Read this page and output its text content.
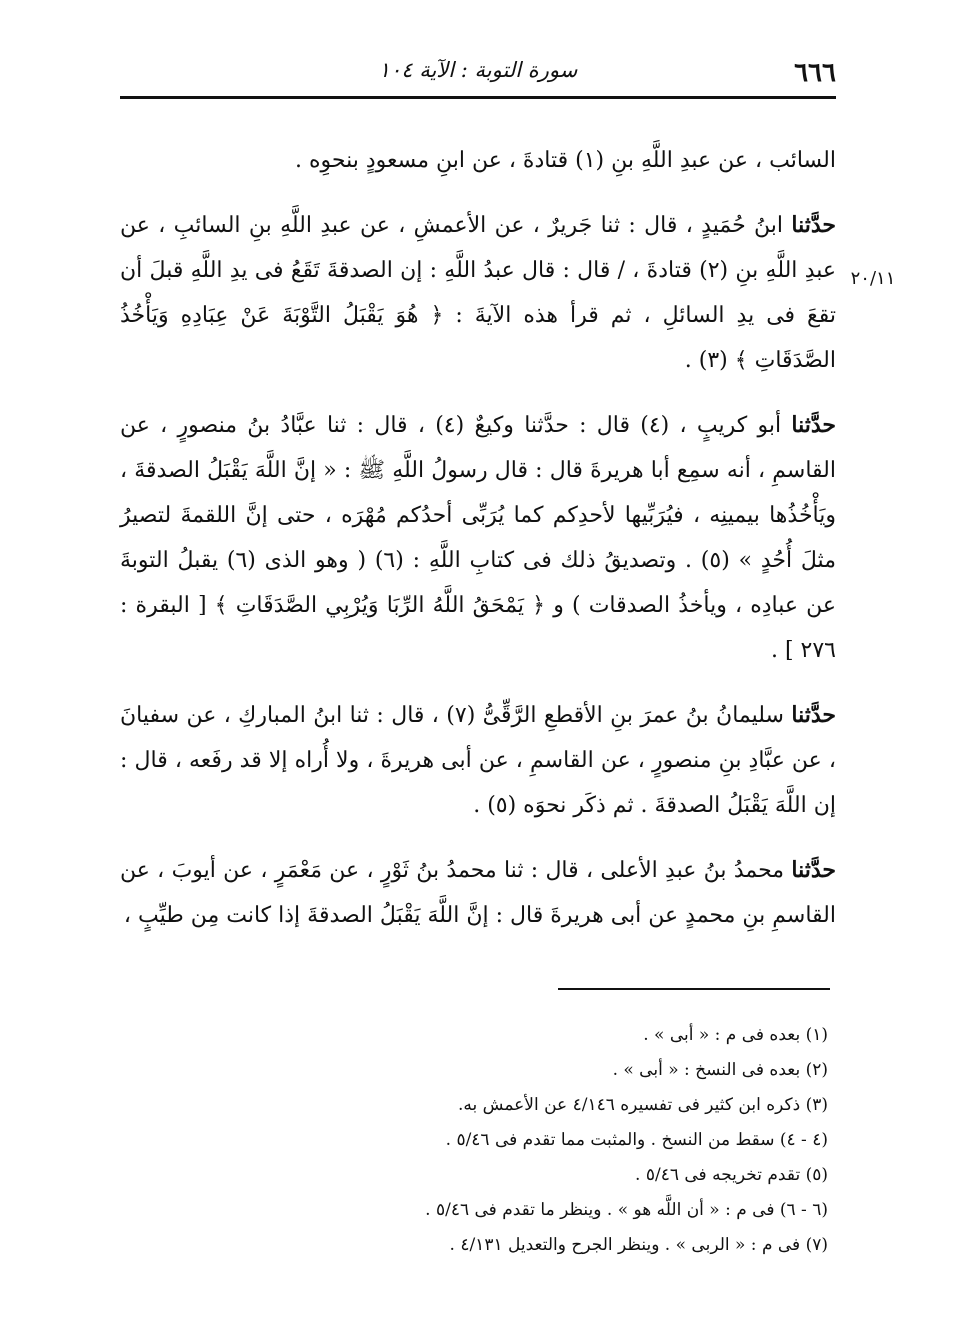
٦٦٦
سورة التوبة : الآية ١٠٤
٢٠/١١

السائب ، عن عبدِ اللَّهِ بنِ (١) قتادةَ ، عن ابنِ مسعودٍ بنحوِه .

حدَّثنا ابنُ حُمَيدٍ ، قال : ثنا جَريرٌ ، عن الأعمشِ ، عن عبدِ اللَّهِ بنِ السائبِ ، عن عبدِ اللَّهِ بنِ (٢) قتادةَ ، / قال : قال عبدُ اللَّهِ : إن الصدقةَ تَقَعُ فى يدِ اللَّهِ قبلَ أن تقعَ فى يدِ السائلِ ، ثم قرأ هذه الآيةَ : ﴿ هُوَ يَقْبَلُ التَّوْبَةَ عَنْ عِبَادِهِ وَيَأْخُذُ الصَّدَقَاتِ ﴾ (٣) .

حدَّثنا أبو كريبٍ ، (٤) قال : حدَّثنا وكيعٌ (٤) ، قال : ثنا عبَّادُ بنُ منصورٍ ، عن القاسمِ ، أنه سمِع أبا هريرةَ قال : قال رسولُ اللَّهِ ﷺ : « إنَّ اللَّهَ يَقْبَلُ الصدقةَ ، ويَأْخُذُها بيمينِه ، فيُرَبِّيها لأحدِكم كما يُرَبِّى أحدُكم مُهْرَه ، حتى إنَّ اللقمةَ لتصيرُ مثلَ أُحُدٍ » (٥) . وتصديقُ ذلك فى كتابِ اللَّهِ : (٦) ( وهو الذى (٦) يقبلُ التوبةَ عن عبادِه ، ويأخذُ الصدقات ) و ﴿ يَمْحَقُ اللَّهُ الرِّبَا وَيُرْبِي الصَّدَقَاتِ ﴾ [ البقرة : ٢٧٦ ] .

حدَّثنا سليمانُ بنُ عمرَ بنِ الأقطعِ الرَّقِّىُّ (٧) ، قال : ثنا ابنُ المباركِ ، عن سفيانَ ، عن عبَّادِ بنِ منصورٍ ، عن القاسمِ ، عن أبى هريرةَ ، ولا أُراه إلا قد رفَعه ، قال : إن اللَّهَ يَقْبَلُ الصدقةَ . ثم ذكَر نحوَه (٥) .

حدَّثنا محمدُ بنُ عبدِ الأعلى ، قال : ثنا محمدُ بنُ ثَوْرٍ ، عن مَعْمَرٍ ، عن أيوبَ ، عن القاسمِ بنِ محمدٍ عن أبى هريرةَ قال : إنَّ اللَّهَ يَقْبَلُ الصدقةَ إذا كانت مِن طيِّبٍ ،

(١) بعده فى م : « أبى » .
(٢) بعده فى النسخ : « أبى » .
(٣) ذكره ابن كثير فى تفسيره ٤/١٤٦ عن الأعمش به.
(٤ - ٤) سقط من النسخ . والمثبت مما تقدم فى ٥/٤٦ .
(٥) تقدم تخريجه فى ٥/٤٦ .
(٦ - ٦) فى م : « أن اللَّه هو » . وينظر ما تقدم فى ٥/٤٦ .
(٧) فى م : « الربى » . وينظر الجرح والتعديل ٤/١٣١ .
